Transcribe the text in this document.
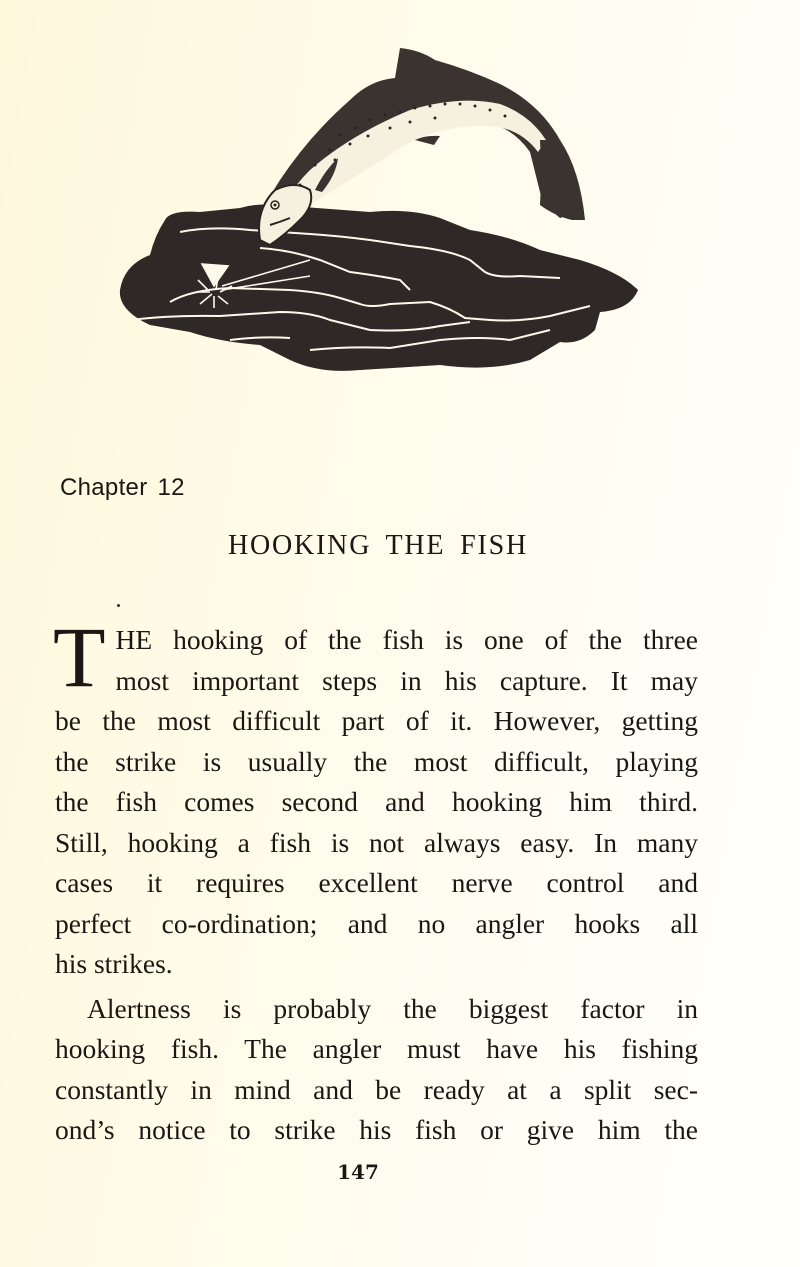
Chapter 12
HOOKING THE FISH
T HE hooking of the fish is one of the three
most important steps in his capture. It may
be the most difficult part of it. However, getting
the strike is usually the most difficult, playing
the fish comes second and hooking him third.
Still, hooking a fish is not always easy. In many
cases it requires excellent nerve control and
perfect co-ordination; and no angler hooks all
his strikes.
Alertness is probably the biggest factor in
hooking fish. The angler must have his fishing
constantly in mind and be ready at a split sec-
ond’s notice to strike his fish or give him the
147
